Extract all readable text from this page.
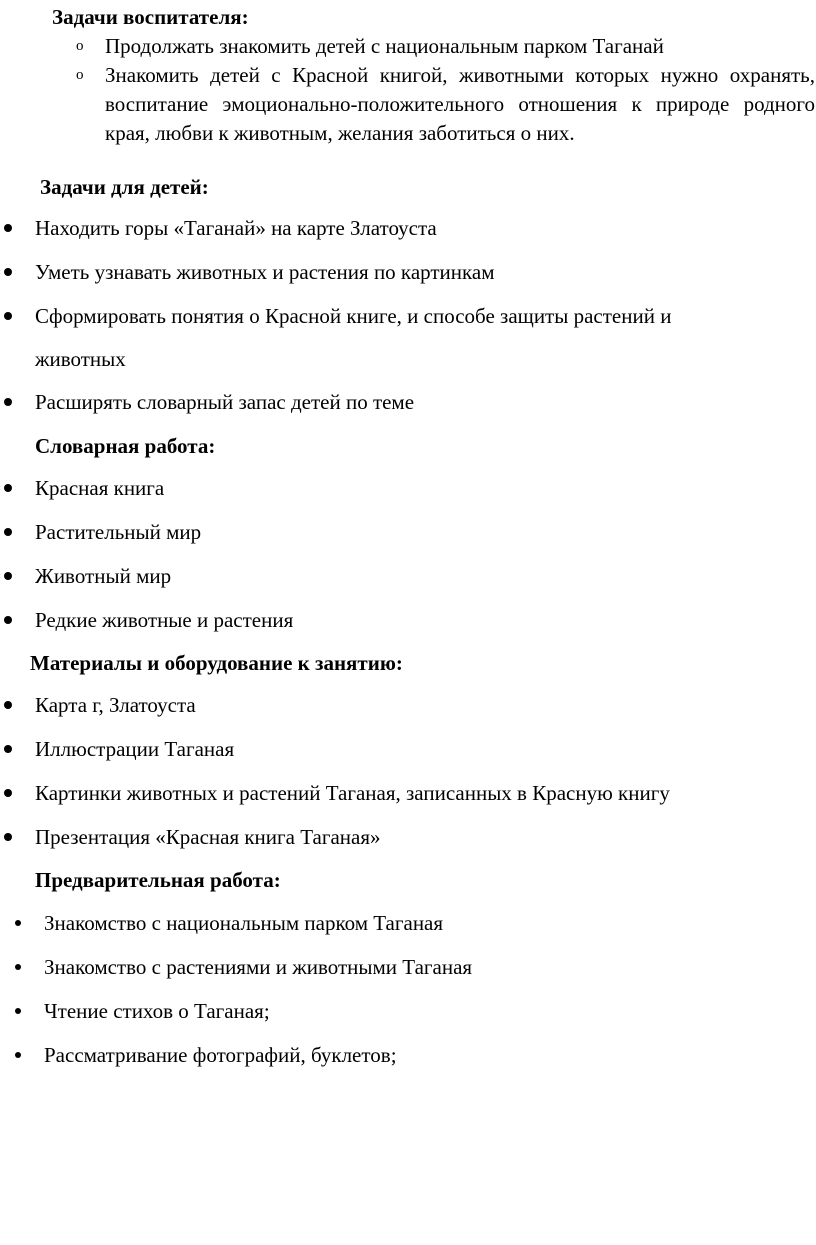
Задачи воспитателя:
o Продолжать знакомить детей с национальным парком Таганай
o Знакомить детей с Красной книгой, животными которых нужно охранять, воспитание эмоционально-положительного отношения к природе родного края, любви к животным, желания заботиться о них.
Задачи для детей:
Находить горы «Таганай» на карте Златоуста
Уметь узнавать животных и растения по картинкам
Сформировать понятия о Красной книге, и способе защиты растений и
животных
Расширять словарный запас детей по теме
Словарная работа:
Красная книга
Растительный мир
Животный мир
Редкие животные и растения
Материалы и оборудование к занятию:
Карта г, Златоуста
Иллюстрации Таганая
Картинки животных и растений Таганая, записанных в Красную книгу
Презентация «Красная книга Таганая»
Предварительная работа:
Знакомство с национальным парком Таганая
Знакомство с растениями и животными Таганая
Чтение стихов о Таганая;
Рассматривание фотографий, буклетов;
